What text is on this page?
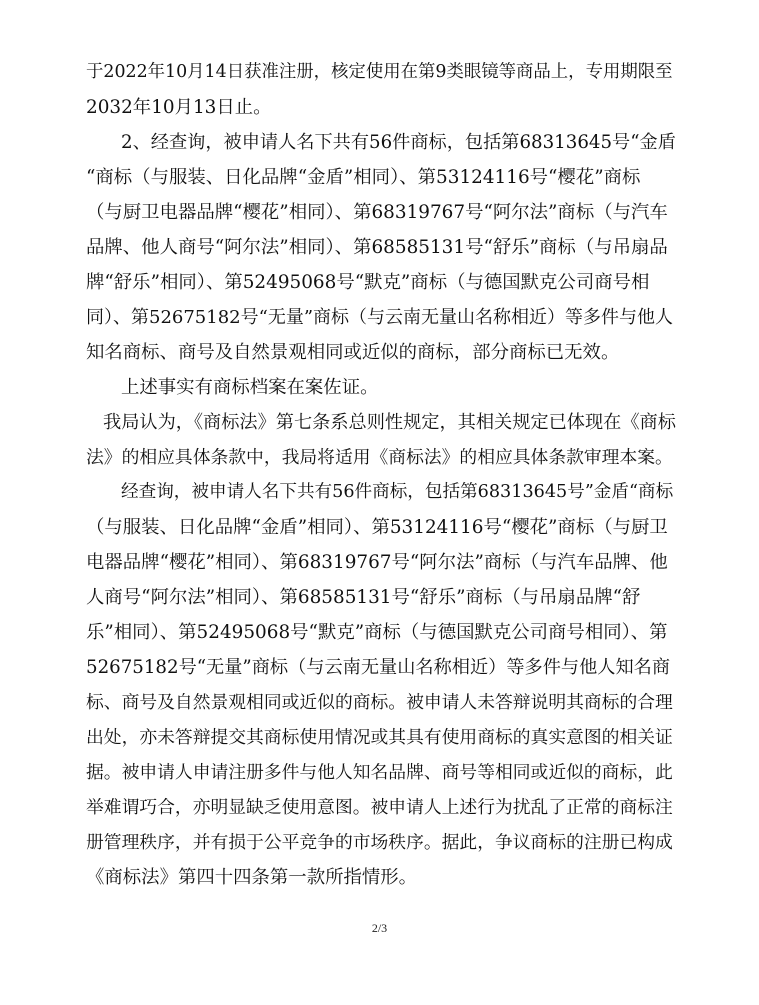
于2022年10月14日获准注册，核定使用在第9类眼镜等商品上，专用期限至
2032年10月13日止。
2、经查询，被申请人名下共有56件商标，包括第68313645号“金盾
“商标（与服装、日化品牌“金盾”相同）、第53124116号“樱花”商标
（与厨卫电器品牌“樱花”相同）、第68319767号“阿尔法”商标（与汽车
品牌、他人商号“阿尔法”相同）、第68585131号“舒乐”商标（与吊扇品
牌“舒乐”相同）、第52495068号“默克”商标（与德国默克公司商号相
同）、第52675182号“无量”商标（与云南无量山名称相近）等多件与他人
知名商标、商号及自然景观相同或近似的商标，部分商标已无效。
上述事实有商标档案在案佐证。
我局认为，《商标法》第七条系总则性规定，其相关规定已体现在《商标
法》的相应具体条款中，我局将适用《商标法》的相应具体条款审理本案。
经查询，被申请人名下共有56件商标，包括第68313645号”金盾“商标
（与服装、日化品牌“金盾”相同）、第53124116号“樱花”商标（与厨卫
电器品牌“樱花”相同）、第68319767号“阿尔法”商标（与汽车品牌、他
人商号“阿尔法”相同）、第68585131号“舒乐”商标（与吊扇品牌“舒
乐”相同）、第52495068号“默克”商标（与德国默克公司商号相同）、第
52675182号“无量”商标（与云南无量山名称相近）等多件与他人知名商
标、商号及自然景观相同或近似的商标。被申请人未答辩说明其商标的合理
出处，亦未答辩提交其商标使用情况或其具有使用商标的真实意图的相关证
据。被申请人申请注册多件与他人知名品牌、商号等相同或近似的商标，此
举难谓巧合，亦明显缺乏使用意图。被申请人上述行为扰乱了正常的商标注
册管理秩序，并有损于公平竞争的市场秩序。据此，争议商标的注册已构成
《商标法》第四十四条第一款所指情形。
2/3
